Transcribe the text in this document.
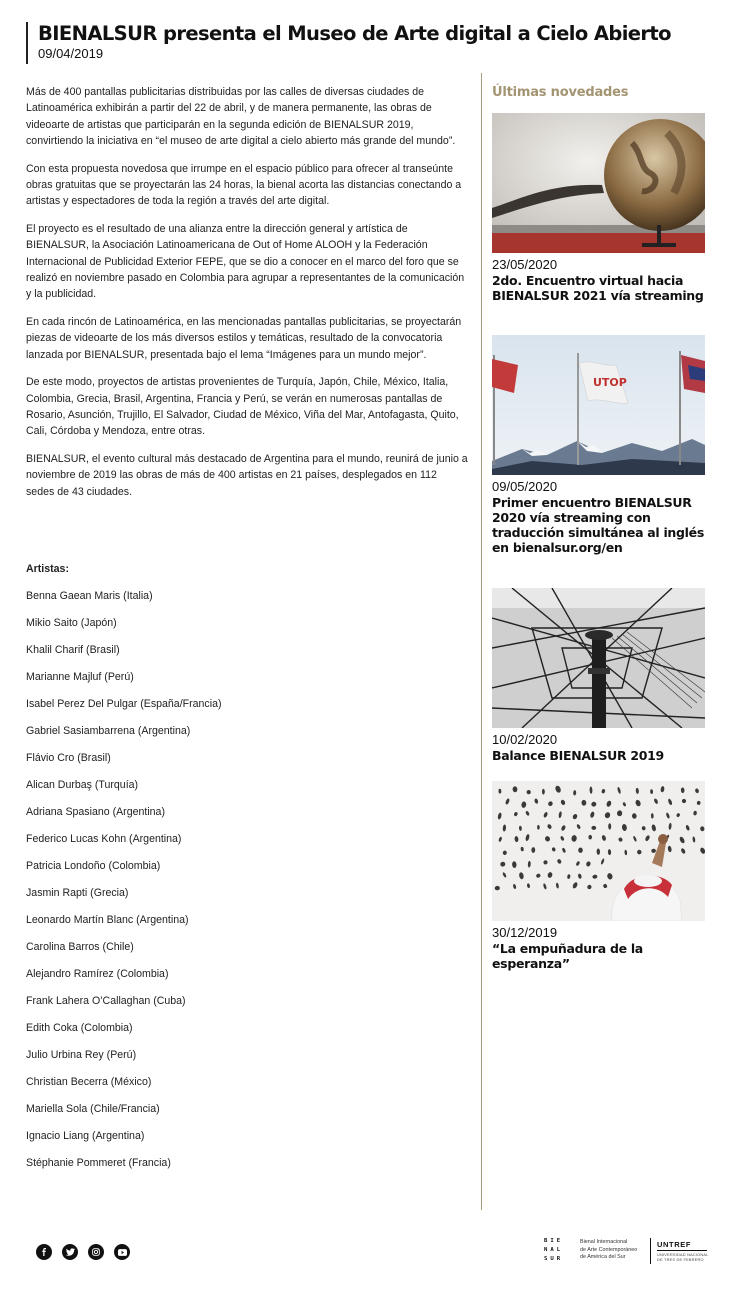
BIENALSUR presenta el Museo de Arte digital a Cielo Abierto
09/04/2019

Más de 400 pantallas publicitarias distribuidas por las calles de diversas ciudades de Latinoamérica exhibirán a partir del 22 de abril, y de manera permanente, las obras de videoarte de artistas que participarán en la segunda edición de BIENALSUR 2019, convirtiendo la iniciativa en “el museo de arte digital a cielo abierto más grande del mundo”.

Con esta propuesta novedosa que irrumpe en el espacio público para ofrecer al transeúnte obras gratuitas que se proyectarán las 24 horas, la bienal acorta las distancias conectando a artistas y espectadores de toda la región a través del arte digital.

El proyecto es el resultado de una alianza entre la dirección general y artística de BIENALSUR, la Asociación Latinoamericana de Out of Home ALOOH y la Federación Internacional de Publicidad Exterior FEPE, que se dio a conocer en el marco del foro que se realizó en noviembre pasado en Colombia para agrupar a representantes de la comunicación y la publicidad.

En cada rincón de Latinoamérica, en las mencionadas pantallas publicitarias, se proyectarán piezas de videoarte de los más diversos estilos y temáticas, resultado de la convocatoria lanzada por BIENALSUR, presentada bajo el lema “Imágenes para un mundo mejor”.

De este modo, proyectos de artistas provenientes de Turquía, Japón, Chile, México, Italia, Colombia, Grecia, Brasil, Argentina, Francia y Perú, se verán en numerosas pantallas de Rosario, Asunción, Trujillo, El Salvador, Ciudad de México, Viña del Mar, Antofagasta, Quito, Cali, Córdoba y Mendoza, entre otras.

BIENALSUR, el evento cultural más destacado de Argentina para el mundo, reunirá de junio a noviembre de 2019 las obras de más de 400 artistas en 21 países, desplegados en 112 sedes de 43 ciudades.

Artistas:
Benna Gaean Maris (Italia)
Mikio Saito (Japón)
Khalil Charif (Brasil)
Marianne Majluf (Perú)
Isabel Perez Del Pulgar (España/Francia)
Gabriel Sasiambarrena (Argentina)
Flávio Cro (Brasil)
Alican Durbaş (Turquía)
Adriana Spasiano (Argentina)
Federico Lucas Kohn (Argentina)
Patricia Londoño (Colombia)
Jasmin Rapti (Grecia)
Leonardo Martín Blanc (Argentina)
Carolina Barros (Chile)
Alejandro Ramírez (Colombia)
Frank Lahera O’Callaghan (Cuba)
Edith Coka (Colombia)
Julio Urbina Rey (Perú)
Christian Becerra (México)
Mariella Sola (Chile/Francia)
Ignacio Liang (Argentina)
Stéphanie Pommeret (Francia)
Últimas novedades
23/05/2020
2do. Encuentro virtual hacia BIENALSUR 2021 vía streaming
UTOP
09/05/2020
Primer encuentro BIENALSUR 2020 vía streaming con traducción simultánea al inglés en bienalsur.org/en
10/02/2020
Balance BIENALSUR 2019
30/12/2019
“La empuñadura de la esperanza”
BIE
NAL
SUR
Bienal Internacional
de Arte Contemporáneo
de América del Sur
UNTREF
UNIVERSIDAD NACIONAL
DE TRES DE FEBRERO
